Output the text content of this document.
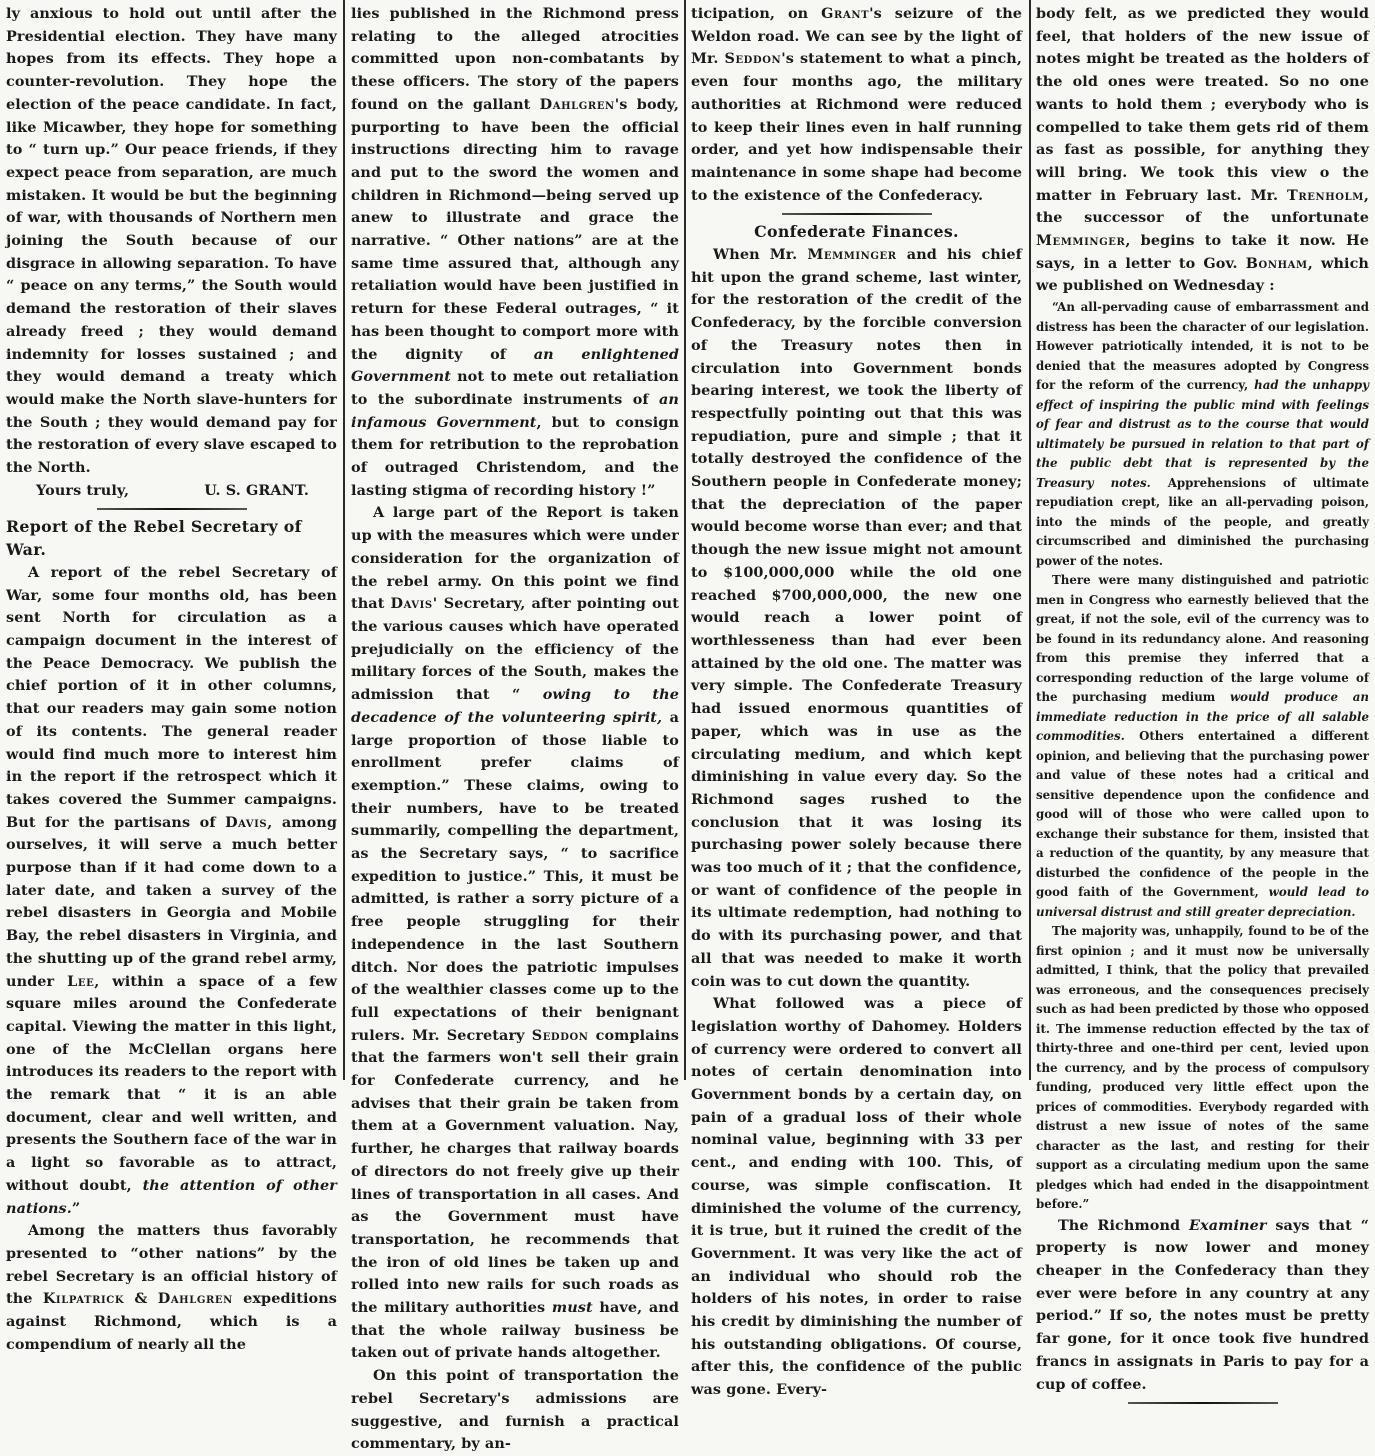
ly anxious to hold out until after the Presidential election. They have many hopes from its effects. They hope a counter-revolution. They hope the election of the peace candidate. In fact, like Micawber, they hope for something to “ turn up.” Our peace friends, if they expect peace from separation, are much mistaken. It would be but the beginning of war, with thousands of Northern men joining the South because of our disgrace in allowing separation. To have “ peace on any terms,” the South would demand the restoration of their slaves already freed ; they would demand indemnity for losses sustained ; and they would demand a treaty which would make the North slave-hunters for the South ; they would demand pay for the restoration of every slave escaped to the North.

Yours truly,	U. S. GRANT.
Report of the Rebel Secretary of War.

A report of the rebel Secretary of War, some four months old, has been sent North for circulation as a campaign document in the interest of the Peace Democracy. We publish the chief portion of it in other columns, that our readers may gain some notion of its contents. The general reader would find much more to interest him in the report if the retrospect which it takes covered the Summer campaigns. But for the partisans of Davis, among ourselves, it will serve a much better purpose than if it had come down to a later date, and taken a survey of the rebel disasters in Georgia and Mobile Bay, the rebel disasters in Virginia, and the shutting up of the grand rebel army, under Lee, within a space of a few square miles around the Confederate capital. Viewing the matter in this light, one of the McClellan organs here introduces its readers to the report with the remark that “ it is an able document, clear and well written, and presents the Southern face of the war in a light so favorable as to attract, without doubt, the attention of other nations.”

Among the matters thus favorably presented to “other nations” by the rebel Secretary is an official history of the Kilpatrick & Dahlgren expeditions against Richmond, which is a compendium of nearly all the

lies published in the Richmond press relating to the alleged atrocities committed upon non-combatants by these officers. The story of the papers found on the gallant Dahlgren's body, purporting to have been the official instructions directing him to ravage and put to the sword the women and children in Richmond—being served up anew to illustrate and grace the narrative. “ Other nations” are at the same time assured that, although any retaliation would have been justified in return for these Federal outrages, “ it has been thought to comport more with the dignity of an enlightened Government not to mete out retaliation to the subordinate instruments of an infamous Government, but to consign them for retribution to the reprobation of outraged Christendom, and the lasting stigma of recording history !”

A large part of the Report is taken up with the measures which were under consideration for the organization of the rebel army. On this point we find that Davis' Secretary, after pointing out the various causes which have operated prejudicially on the efficiency of the military forces of the South, makes the admission that “ owing to the decadence of the volunteering spirit, a large proportion of those liable to enrollment prefer claims of exemption.” These claims, owing to their numbers, have to be treated summarily, compelling the department, as the Secretary says, “ to sacrifice expedition to justice.” This, it must be admitted, is rather a sorry picture of a free people struggling for their independence in the last Southern ditch. Nor does the patriotic impulses of the wealthier classes come up to the full expectations of their benignant rulers. Mr. Secretary Seddon complains that the farmers won't sell their grain for Confederate currency, and he advises that their grain be taken from them at a Government valuation. Nay, further, he charges that railway boards of directors do not freely give up their lines of transportation in all cases. And as the Government must have transportation, he recommends that the iron of old lines be taken up and rolled into new rails for such roads as the military authorities must have, and that the whole railway business be taken out of private hands altogether.

On this point of transportation the rebel Secretary's admissions are suggestive, and furnish a practical commentary, by an-

ticipation, on Grant's seizure of the Weldon road. We can see by the light of Mr. Seddon's statement to what a pinch, even four months ago, the military authorities at Richmond were reduced to keep their lines even in half running order, and yet how indispensable their maintenance in some shape had become to the existence of the Confederacy.

Confederate Finances.

When Mr. Memminger and his chief hit upon the grand scheme, last winter, for the restoration of the credit of the Confederacy, by the forcible conversion of the Treasury notes then in circulation into Government bonds bearing interest, we took the liberty of respectfully pointing out that this was repudiation, pure and simple ; that it totally destroyed the confidence of the Southern people in Confederate money; that the depreciation of the paper would become worse than ever; and that though the new issue might not amount to $100,000,000 while the old one reached $700,000,000, the new one would reach a lower point of worthlesseness than had ever been attained by the old one. The matter was very simple. The Confederate Treasury had issued enormous quantities of paper, which was in use as the circulating medium, and which kept diminishing in value every day. So the Richmond sages rushed to the conclusion that it was losing its purchasing power solely because there was too much of it ; that the confidence, or want of confidence of the people in its ultimate redemption, had nothing to do with its purchasing power, and that all that was needed to make it worth coin was to cut down the quantity.

What followed was a piece of legislation worthy of Dahomey. Holders of currency were ordered to convert all notes of certain denomination into Government bonds by a certain day, on pain of a gradual loss of their whole nominal value, beginning with 33 per cent., and ending with 100. This, of course, was simple confiscation. It diminished the volume of the currency, it is true, but it ruined the credit of the Government. It was very like the act of an individual who should rob the holders of his notes, in order to raise his credit by diminishing the number of his outstanding obligations. Of course, after this, the confidence of the public was gone. Every-

body felt, as we predicted they would feel, that holders of the new issue of notes might be treated as the holders of the old ones were treated. So no one wants to hold them ; everybody who is compelled to take them gets rid of them as fast as possible, for anything they will bring. We took this view o the matter in February last. Mr. Trenholm, the successor of the unfortunate Memminger, begins to take it now. He says, in a letter to Gov. Bonham, which we published on Wednesday :

“An all-pervading cause of embarrassment and distress has been the character of our legislation. However patriotically intended, it is not to be denied that the measures adopted by Congress for the reform of the currency, had the unhappy effect of inspiring the public mind with feelings of fear and distrust as to the course that would ultimately be pursued in relation to that part of the public debt that is represented by the Treasury notes. Apprehensions of ultimate repudiation crept, like an all-pervading poison, into the minds of the people, and greatly circumscribed and diminished the purchasing power of the notes.

There were many distinguished and patriotic men in Congress who earnestly believed that the great, if not the sole, evil of the currency was to be found in its redundancy alone. And reasoning from this premise they inferred that a corresponding reduction of the large volume of the purchasing medium would produce an immediate reduction in the price of all salable commodities. Others entertained a different opinion, and believing that the purchasing power and value of these notes had a critical and sensitive dependence upon the confidence and good will of those who were called upon to exchange their substance for them, insisted that a reduction of the quantity, by any measure that disturbed the confidence of the people in the good faith of the Government, would lead to universal distrust and still greater depreciation.

The majority was, unhappily, found to be of the first opinion ; and it must now be universally admitted, I think, that the policy that prevailed was erroneous, and the consequences precisely such as had been predicted by those who opposed it. The immense reduction effected by the tax of thirty-three and one-third per cent, levied upon the currency, and by the process of compulsory funding, produced very little effect upon the prices of commodities. Everybody regarded with distrust a new issue of notes of the same character as the last, and resting for their support as a circulating medium upon the same pledges which had ended in the disappointment before.”

The Richmond Examiner says that “ property is now lower and money cheaper in the Confederacy than they ever were before in any country at any period.” If so, the notes must be pretty far gone, for it once took five hundred francs in assignats in Paris to pay for a cup of coffee.
